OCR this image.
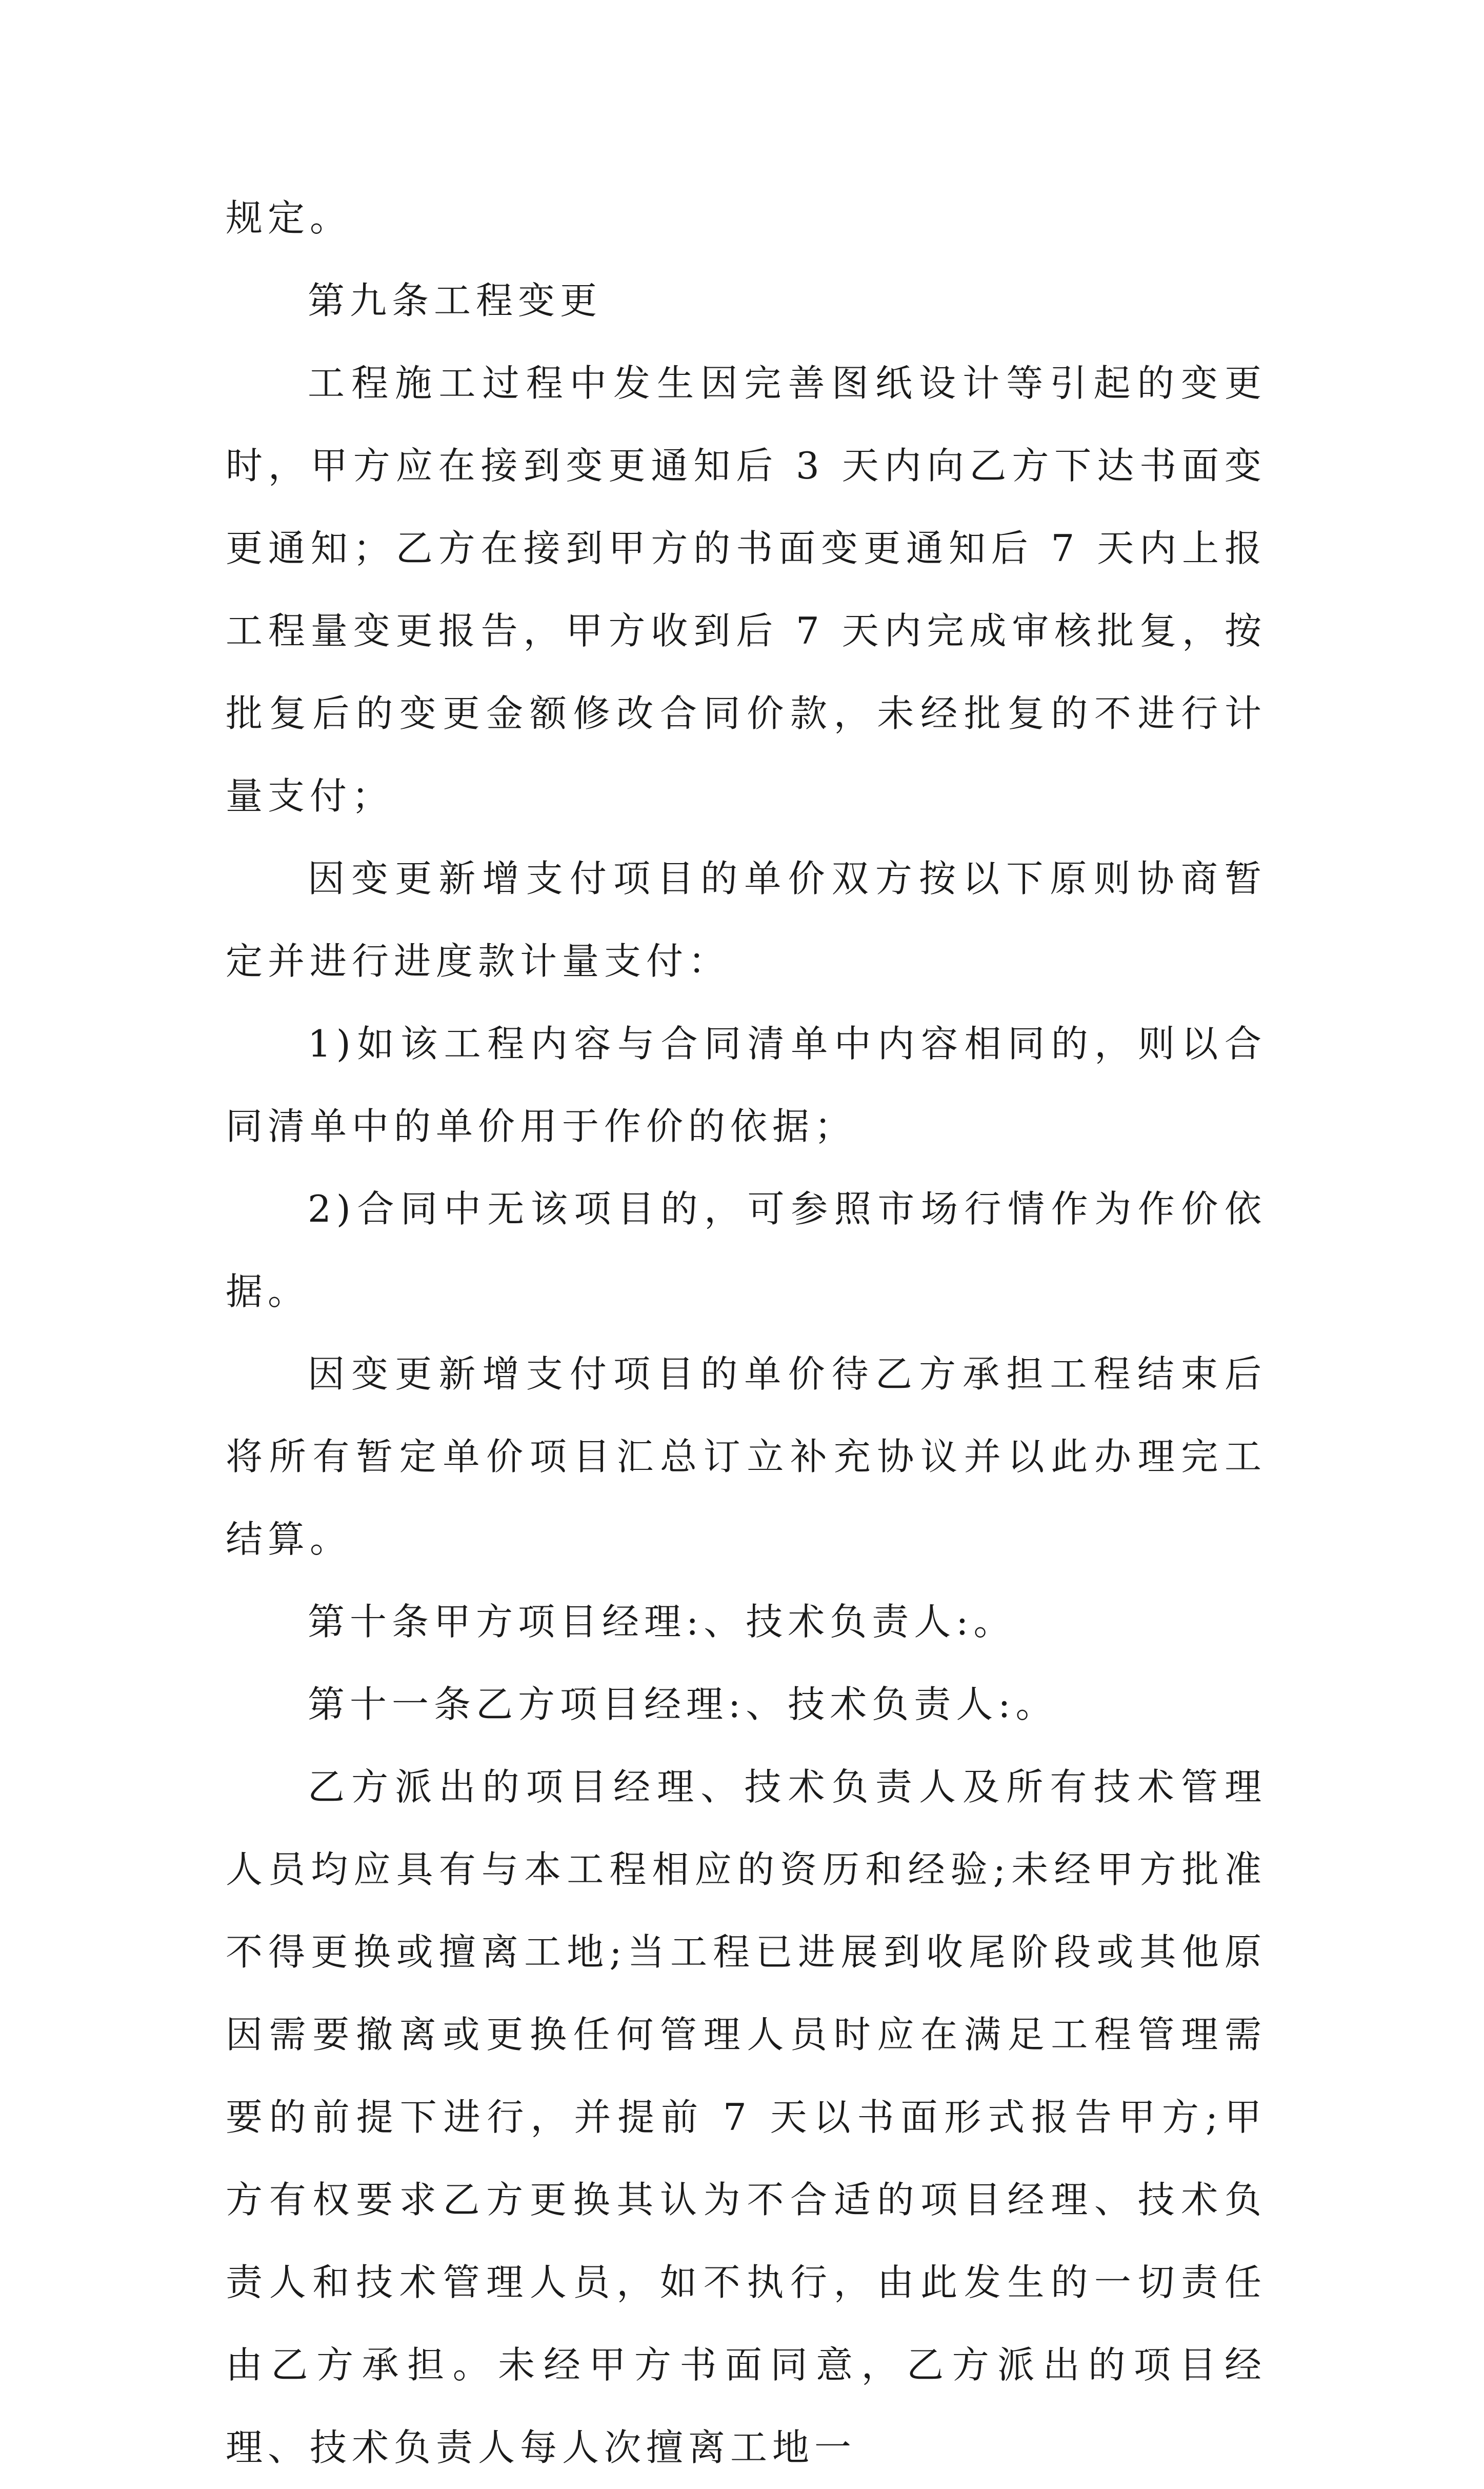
规定。

第九条工程变更

工程施工过程中发生因完善图纸设计等引起的变更时，甲方应在接到变更通知后 3 天内向乙方下达书面变更通知；乙方在接到甲方的书面变更通知后 7 天内上报工程量变更报告，甲方收到后 7 天内完成审核批复，按批复后的变更金额修改合同价款，未经批复的不进行计量支付；

因变更新增支付项目的单价双方按以下原则协商暂定并进行进度款计量支付：

1)如该工程内容与合同清单中内容相同的，则以合同清单中的单价用于作价的依据；

2)合同中无该项目的，可参照市场行情作为作价依据。

因变更新增支付项目的单价待乙方承担工程结束后将所有暂定单价项目汇总订立补充协议并以此办理完工结算。

第十条甲方项目经理:、技术负责人:。

第十一条乙方项目经理:、技术负责人:。

乙方派出的项目经理、技术负责人及所有技术管理人员均应具有与本工程相应的资历和经验;未经甲方批准不得更换或擅离工地;当工程已进展到收尾阶段或其他原因需要撤离或更换任何管理人员时应在满足工程管理需要的前提下进行，并提前 7 天以书面形式报告甲方;甲方有权要求乙方更换其认为不合适的项目经理、技术负责人和技术管理人员，如不执行，由此发生的一切责任由乙方承担。未经甲方书面同意，乙方派出的项目经理、技术负责人每人次擅离工地一
